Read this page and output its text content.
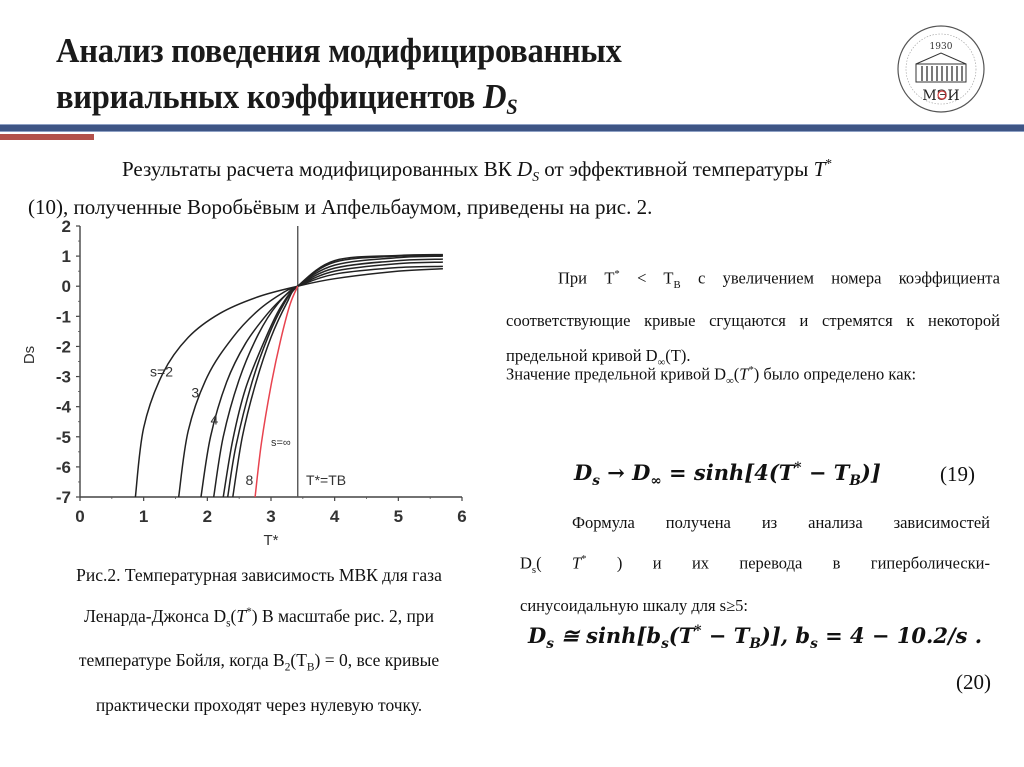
Анализ поведения модифицированных
вириальных коэффициентов $D_S$
1930
МЭИ
Результаты расчета модифицированных ВК $D_S$ от эффективной температуры T*
(10), полученные Воробьёвым и Апфельбаумом, приведены на рис. 2.
2
1
0
-1
-2
-3
-4
-5
-6
-7
0	1	2	3	4	5	6
T*
Ds
s=2
3
4
8
s=∞
T*=TB
Рис.2. Температурная зависимость МВК для газа
Ленарда-Джонса $D_s(T^*)$ В масштабе рис. 2, при
температуре Бойля, когда $B_2(T_B) = 0$, все кривые
практически проходят через нулевую точку.
При $T^* < T_B$ с увеличением номера коэффициента соответствующие кривые сгущаются и стремятся к некоторой предельной кривой $D_\infty(T)$.
Значение предельной кривой $D_\infty(T^*)$ было определено как:
$D_s \to D_\infty = \sinh[4(T^* - T_B)]$	(19)
Формула получена из анализа зависимостей
$D_s$( T* ) и их перевода в гиперболически-
синусоидальную шкалу для s≥5:
$D_s$ ≅ $\sinh[b_s(T^* - T_B)]$, $b_s = 4 - 10.2/s$ .
(20)
